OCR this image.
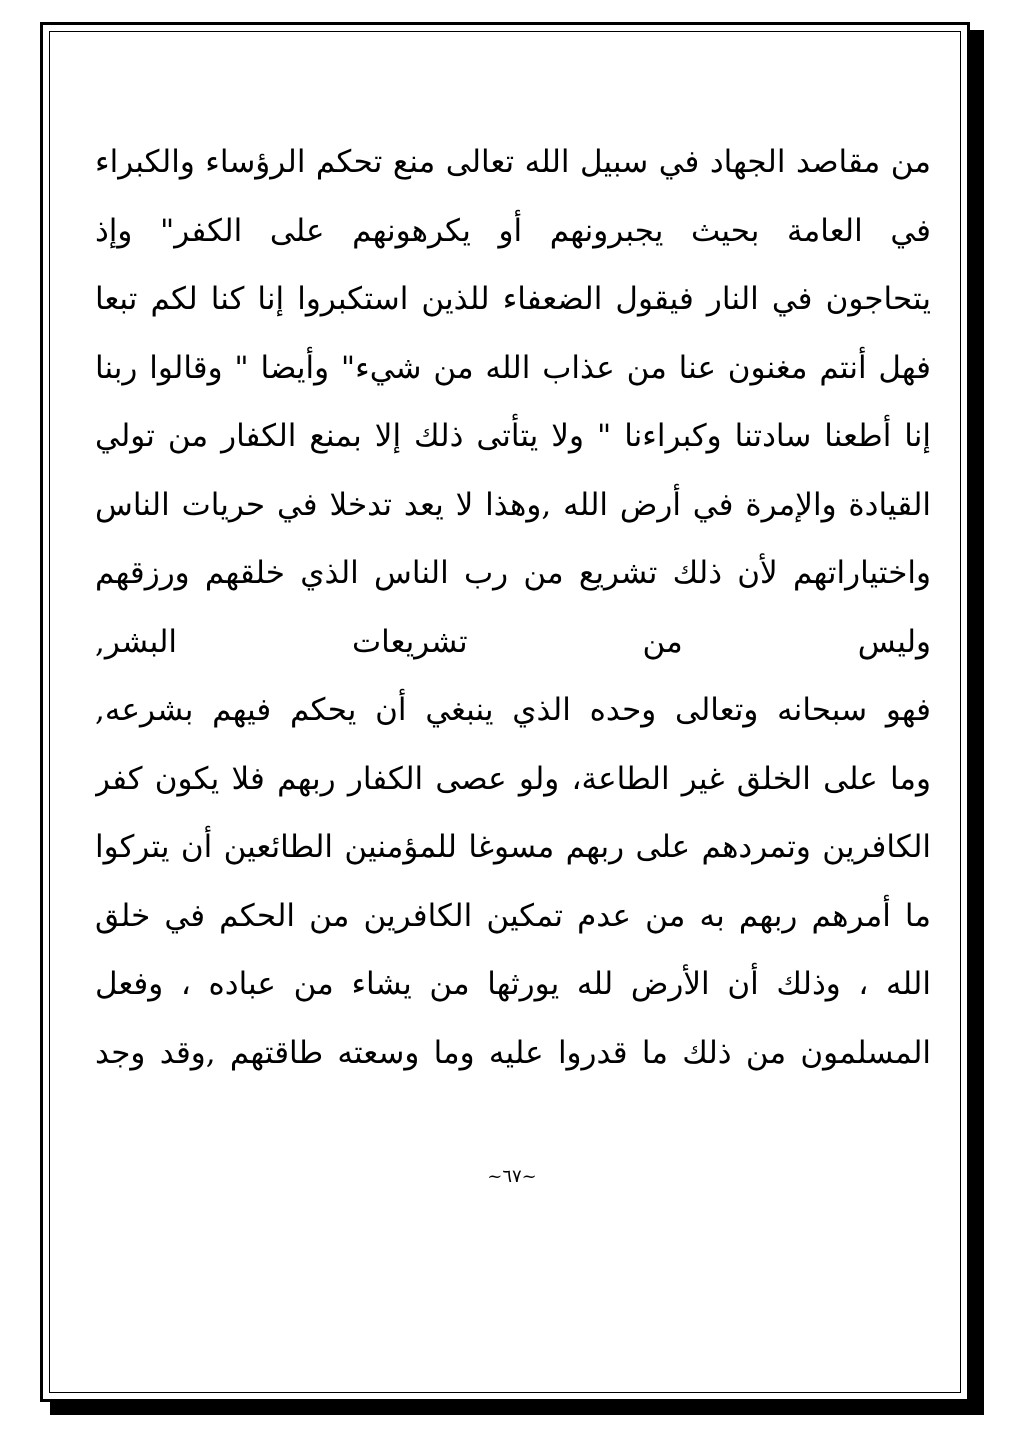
من مقاصد الجهاد في سبيل الله تعالى منع تحكم الرؤساء والكبراء
في العامة بحيث يجبرونهم أو يكرهونهم على الكفر" وإذ
يتحاجون في النار فيقول الضعفاء للذين استكبروا إنا كنا لكم تبعا
فهل أنتم مغنون عنا من عذاب الله من شيء" وأيضا " وقالوا ربنا
إنا أطعنا سادتنا وكبراءنا " ولا يتأتى ذلك إلا بمنع الكفار من تولي
القيادة والإمرة في أرض الله ,وهذا لا يعد تدخلا في حريات الناس
واختياراتهم لأن ذلك تشريع من رب الناس الذي خلقهم ورزقهم
وليس
من
تشريعات
البشر,
فهو سبحانه وتعالى وحده الذي ينبغي أن يحكم فيهم بشرعه,
وما على الخلق غير الطاعة، ولو عصى الكفار ربهم فلا يكون كفر
الكافرين وتمردهم على ربهم مسوغا للمؤمنين الطائعين أن يتركوا
ما أمرهم ربهم به من عدم تمكين الكافرين من الحكم في خلق
الله ، وذلك أن الأرض لله يورثها من يشاء من عباده ، وفعل
المسلمون من ذلك ما قدروا عليه وما وسعته طاقتهم ,وقد وجد
~٦٧~
